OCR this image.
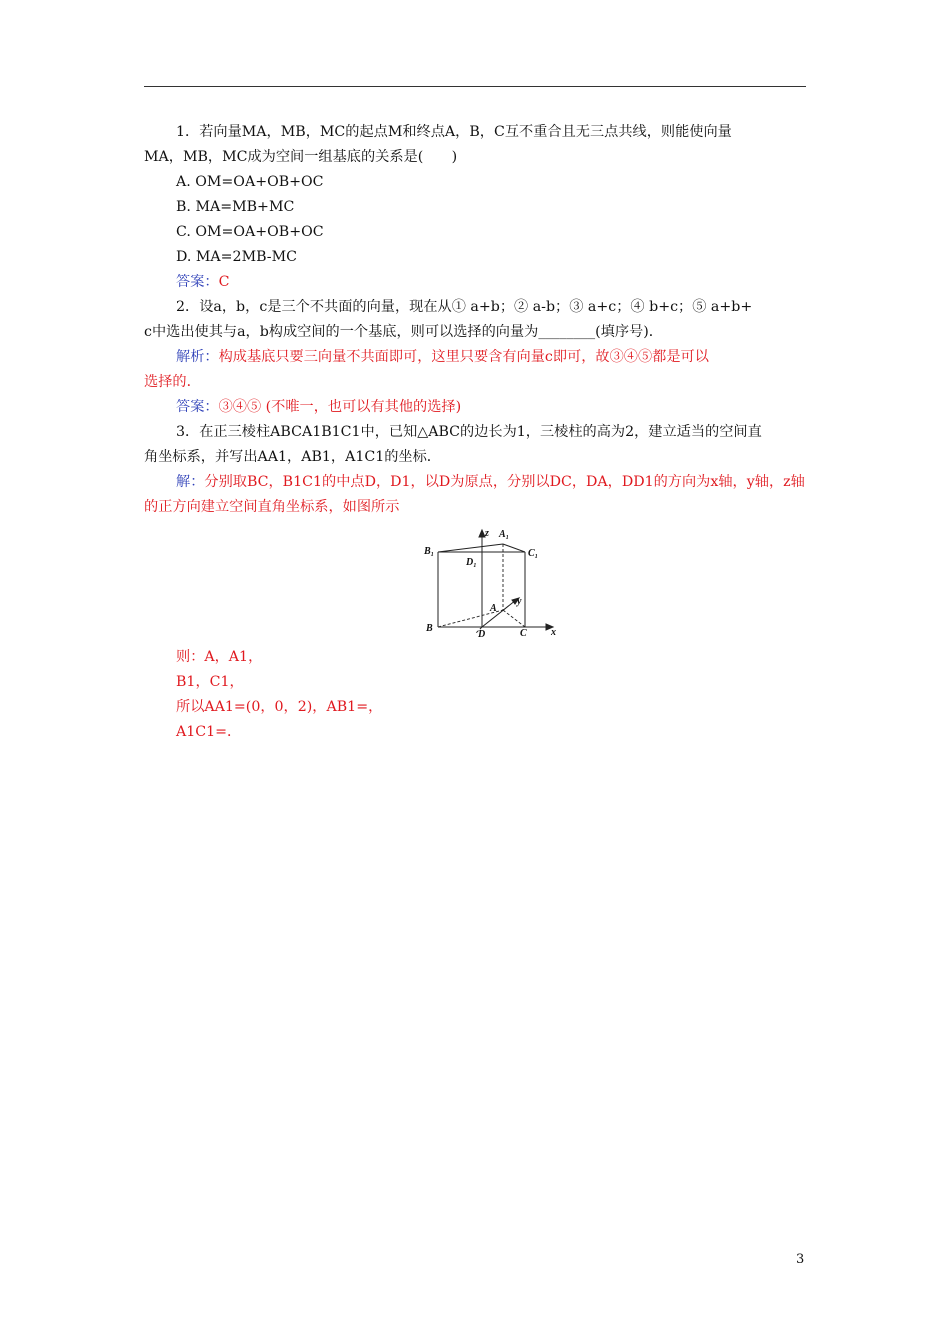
1．若向量MA，MB，MC的起点M和终点A，B，C互不重合且无三点共线，则能使向量
MA，MB，MC成为空间一组基底的关系是(　　)
A. OM=OA+OB+OC
B. MA=MB+MC
C. OM=OA+OB+OC
D. MA=2MB-MC
答案：C
2．设a，b，c是三个不共面的向量，现在从① a+b；② a-b；③ a+c；④ b+c；⑤ a+b+
c中选出使其与a，b构成空间的一个基底，则可以选择的向量为________(填序号)．
解析：构成基底只要三向量不共面即可，这里只要含有向量c即可，故③④⑤都是可以
选择的．
答案：③④⑤ (不唯一，也可以有其他的选择)
3．在正三棱柱ABCA1B1C1中，已知△ABC的边长为1，三棱柱的高为2，建立适当的空间直
角坐标系，并写出AA1，AB1，A1C1的坐标．
解：分别取BC，B1C1的中点D，D1，以D为原点，分别以DC，DA，DD1的方向为x轴，y轴，z轴
的正方向建立空间直角坐标系，如图所示
z A₁
B₁	C₁
D₁
A
y
B
D	C x
则：A，A1，
B1，C1，
所以AA1=(0，0，2)，AB1=，
A1C1=．
3
